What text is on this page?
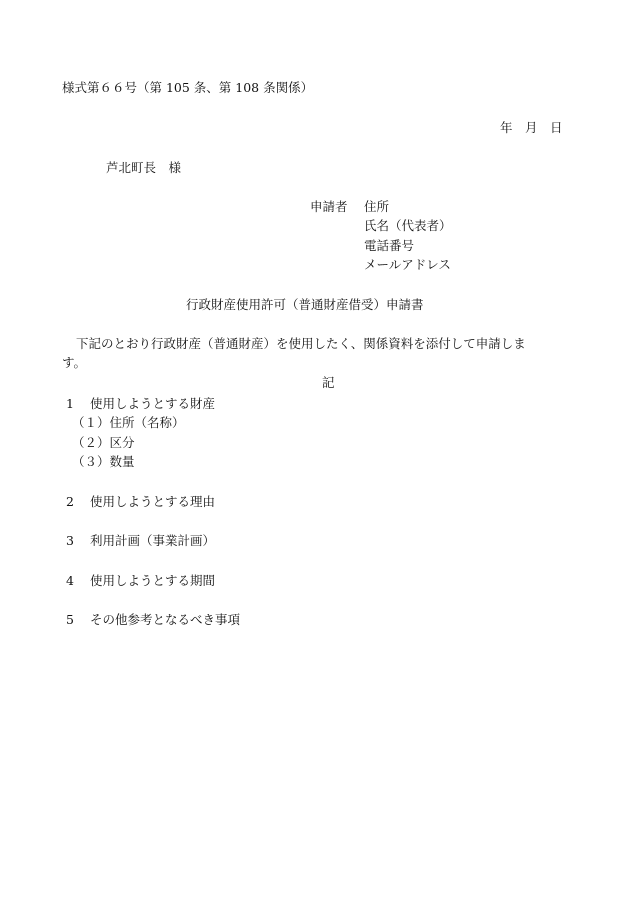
様式第６６号（第 105 条、第 108 条関係）
年　月　日
芦北町長　様
申請者 住所
氏名（代表者）
電話番号
メールアドレス
行政財産使用許可（普通財産借受）申請書
下記のとおり行政財産（普通財産）を使用したく、関係資料を添付して申請しま
す。
記
1 使用しようとする財産
（１）住所（名称）
（２）区分
（３）数量
2 使用しようとする理由
3 利用計画（事業計画）
4 使用しようとする期間
5 その他参考となるべき事項
